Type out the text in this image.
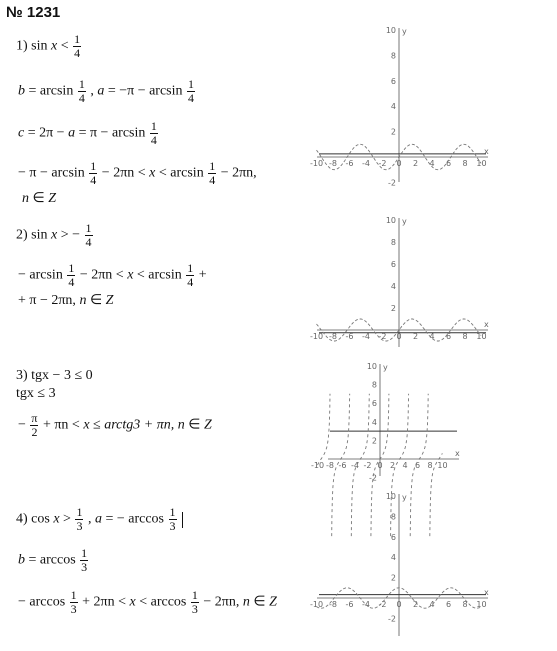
№ 1231
1) $\sin x < \frac{1}{4}$
$b = \arcsin \frac{1}{4}$ , $a = -\pi - \arcsin \frac{1}{4}$
$c = 2\pi - a = \pi - \arcsin \frac{1}{4}$
− $\pi - \arcsin \frac{1}{4} - 2\pi n < x < \arcsin \frac{1}{4} - 2\pi n$,
n ∈ Z
2) sin x > − $\frac{1}{4}$
− $\arcsin \frac{1}{4} - 2\pi n < x < \arcsin \frac{1}{4}$ +
+ π − 2πn, n ∈ Z
3) tgx − 3 ≤ 0
tgx ≤ 3
− $\frac{\pi}{2} + \pi n < x$ ≤ arctg3 + πn, n ∈ Z
4) $\cos x > \frac{1}{3}$ , a = − $\arccos \frac{1}{3}$
$b = \arccos \frac{1}{3}$
− $\arccos \frac{1}{3} + 2\pi n < x < \arccos \frac{1}{3} - 2\pi n$, n ∈ Z
-10 -8 -6 -4 -2 0 2 4 6 8 10
10
8
6
4
2
-2
y
x
-10 -8 -6 -4 -2 0 2 4 6 8 10
10
8
6
4
2
y
x
-10 -8 -6 -4 -2 0 2 4 6 8 10
10
8
6
4
2
-2
y
x
-10 -8 -6 -4 -2 0 2 4 6 8 10
10
8
6
4
2
-2
y
x
